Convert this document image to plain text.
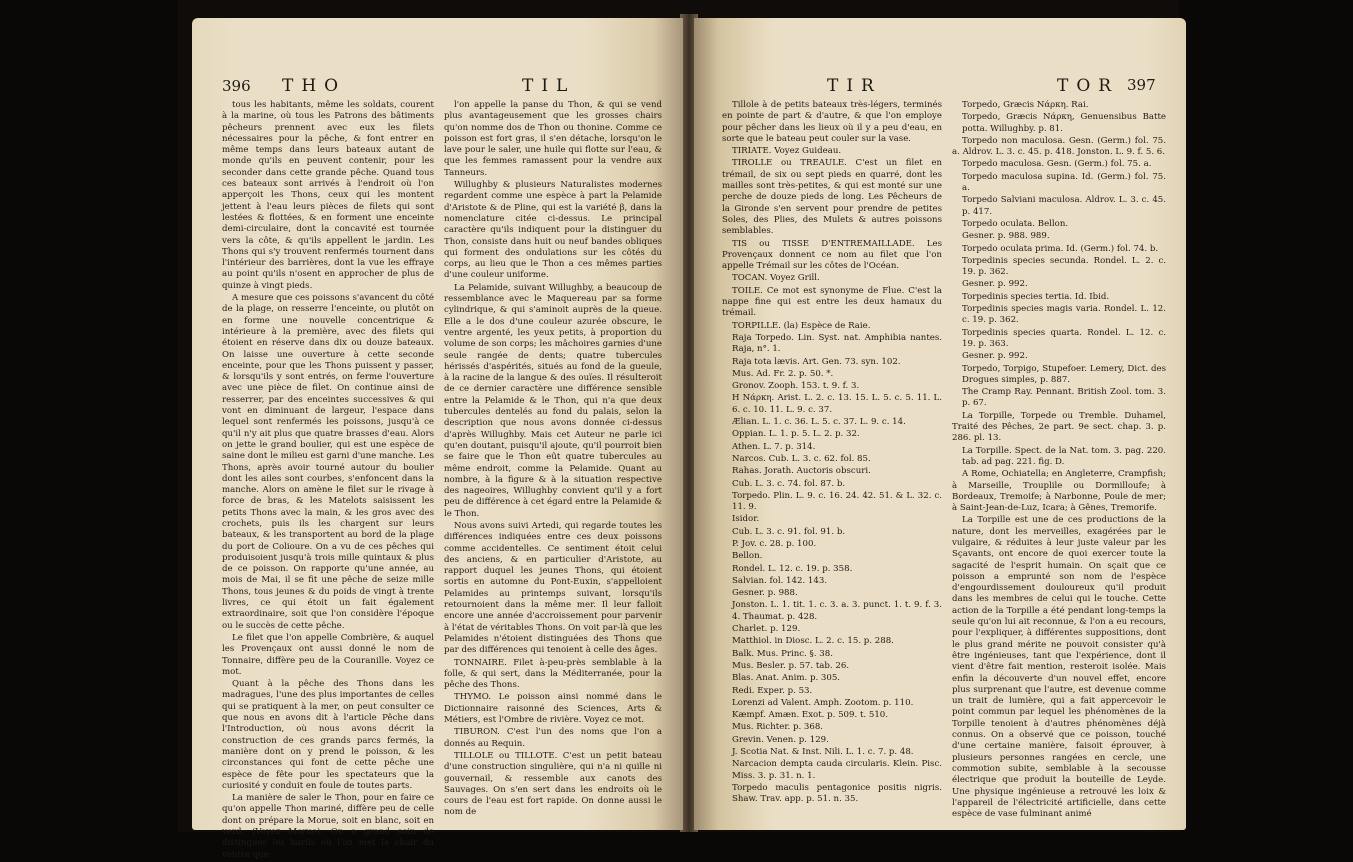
396 THO	TIL

tous les habitants, même les soldats, courent à la marine, où tous les Patrons des bâtiments pêcheurs prennent avec eux les filets nécessaires pour la pêche, & font entrer en même temps dans leurs bateaux autant de monde qu'ils en peuvent contenir, pour les seconder dans cette grande pêche. Quand tous ces bateaux sont arrivés à l'endroit où l'on apperçoit les Thons, ceux qui les montent jettent à l'eau leurs pièces de filets qui sont lestées & flottées, & en forment une enceinte demi-circulaire, dont la concavité est tournée vers la côte, & qu'ils appellent le jardin. Les Thons qui s'y trouvent renfermés tournent dans l'intérieur des barrières, dont la vue les effraye au point qu'ils n'osent en approcher de plus de quinze à vingt pieds.

A mesure que ces poissons s'avancent du côté de la plage, on resserre l'enceinte, ou plutôt on en forme une nouvelle concentrique & intérieure à la première, avec des filets qui étoient en réserve dans dix ou douze bateaux. On laisse une ouverture à cette seconde enceinte, pour que les Thons puissent y passer, & lorsqu'ils y sont entrés, on ferme l'ouverture avec une pièce de filet. On continue ainsi de resserrer, par des enceintes successives & qui vont en diminuant de largeur, l'espace dans lequel sont renfermés les poissons, jusqu'à ce qu'il n'y ait plus que quatre brasses d'eau. Alors on jette le grand boulier, qui est une espèce de saine dont le milieu est garni d'une manche. Les Thons, après avoir tourné autour du boulier dont les ailes sont courbes, s'enfoncent dans la manche. Alors on amène le filet sur le rivage à force de bras, & les Matelots saisissent les petits Thons avec la main, & les gros avec des crochets, puis ils les chargent sur leurs bateaux, & les transportent au bord de la plage du port de Colioure. On a vu de ces pêches qui produisoient jusqu'à trois mille quintaux & plus de ce poisson. On rapporte qu'une année, au mois de Mai, il se fit une pêche de seize mille Thons, tous jeunes & du poids de vingt à trente livres, ce qui étoit un fait également extraordinaire, soit que l'on considère l'époque ou le succès de cette pêche.

Le filet que l'on appelle Combrière, & auquel les Provençaux ont aussi donné le nom de Tonnaire, diffère peu de la Couranille. Voyez ce mot.

Quant à la pêche des Thons dans les madragues, l'une des plus importantes de celles qui se pratiquent à la mer, on peut consulter ce que nous en avons dit à l'article Pêche dans l'Introduction, où nous avons décrit la construction de ces grands parcs fermés, la manière dont on y prend le poisson, & les circonstances qui font de cette pêche une espèce de fête pour les spectateurs que la curiosité y conduit en foule de toutes parts.

La manière de saler le Thon, pour en faire ce qu'on appelle Thon mariné, diffère peu de celle dont on prépare la Morue, soit en blanc, soit en verd. (Voyez Morue). On a grand soin de distinguer les barils où l'on met la chair du ventre que

l'on appelle la panse du Thon, & qui se vend plus avantageusement que les grosses chairs qu'on nomme dos de Thon ou thonine. Comme ce poisson est fort gras, il s'en détache, lorsqu'on le lave pour le saler, une huile qui flotte sur l'eau, & que les femmes ramassent pour la vendre aux Tanneurs.

Willughby & plusieurs Naturalistes modernes regardent comme une espèce à part la Pelamide d'Aristote & de Pline, qui est la variété β, dans la nomenclature citée ci-dessus. Le principal caractère qu'ils indiquent pour la distinguer du Thon, consiste dans huit ou neuf bandes obliques qui forment des ondulations sur les côtés du corps, au lieu que le Thon a ces mêmes parties d'une couleur uniforme.

La Pelamide, suivant Willughby, a beaucoup de ressemblance avec le Maquereau par sa forme cylindrique, & qui s'aminoit auprès de la queue. Elle a le dos d'une couleur azurée obscure, le ventre argenté, les yeux petits, à proportion du volume de son corps; les mâchoires garnies d'une seule rangée de dents; quatre tubercules hérissés d'aspérités, situés au fond de la gueule, à la racine de la langue & des ouïes. Il résulteroit de ce dernier caractère une différence sensible entre la Pelamide & le Thon, qui n'a que deux tubercules dentelés au fond du palais, selon la description que nous avons donnée ci-dessus d'après Willughby. Mais cet Auteur ne parle ici qu'en doutant, puisqu'il ajoute, qu'il pourroit bien se faire que le Thon eût quatre tubercules au même endroit, comme la Pelamide. Quant au nombre, à la figure & à la situation respective des nageoires, Willughby convient qu'il y a fort peu de différence à cet égard entre la Pelamide & le Thon.

Nous avons suivi Artedi, qui regarde toutes les différences indiquées entre ces deux poissons comme accidentelles. Ce sentiment étoit celui des anciens, & en particulier d'Aristote, au rapport duquel les jeunes Thons, qui étoient sortis en automne du Pont-Euxin, s'appelloient Pelamides au printemps suivant, lorsqu'ils retournoient dans la même mer. Il leur falloit encore une année d'accroissement pour parvenir à l'état de véritables Thons. On voit par-là que les Pelamides n'étoient distinguées des Thons que par des différences qui tenoient à celle des âges.

TONNAIRE. Filet à-peu-près semblable à la folle, & qui sert, dans la Méditerranée, pour la pêche des Thons.

THYMO. Le poisson ainsi nommé dans le Dictionnaire raisonné des Sciences, Arts & Métiers, est l'Ombre de rivière. Voyez ce mot.

TIBURON. C'est l'un des noms que l'on a donnés au Requin.

TILLOLE ou TILLOTE. C'est un petit bateau d'une construction singulière, qui n'a ni quille ni gouvernail, & ressemble aux canots des Sauvages. On s'en sert dans les endroits où le cours de l'eau est fort rapide. On donne aussi le nom de

TIR	TOR 397

Tillole à de petits bateaux très-légers, terminés en pointe de part & d'autre, & que l'on employe pour pêcher dans les lieux où il y a peu d'eau, en sorte que le bateau peut couler sur la vase.

TIRIATE. Voyez Guideau.

TIROLLE ou TREAULE. C'est un filet en trémail, de six ou sept pieds en quarré, dont les mailles sont très-petites, & qui est monté sur une perche de douze pieds de long. Les Pêcheurs de la Gironde s'en servent pour prendre de petites Soles, des Plies, des Mulets & autres poissons semblables.

TIS ou TISSE D'ENTREMAILLADE. Les Provençaux donnent ce nom au filet que l'on appelle Trémail sur les côtes de l'Océan.

TOCAN. Voyez Grill.

TOILE. Ce mot est synonyme de Flue. C'est la nappe fine qui est entre les deux hamaux du trémail.

TORPILLE. (la) Espèce de Raie.

Raja Torpedo. Lin. Syst. nat. Amphibia nantes. Raja, n°. 1.

Raja tota lævis. Art. Gen. 73. syn. 102.

Mus. Ad. Fr. 2. p. 50. *.

Gronov. Zooph. 153. t. 9. f. 3.

H Νάρκη. Arist. L. 2. c. 13. 15. L. 5. c. 5. 11. L. 6. c. 10. 11. L. 9. c. 37.

Ælian. L. 1. c. 36. L. 5. c. 37. L. 9. c. 14.

Oppian. L. 1. p. 5. L. 2. p. 32.

Athen. L. 7. p. 314.

Narcos. Cub. L. 3. c. 62. fol. 85.

Rahas. Jorath. Auctoris obscuri.

Cub. L. 3. c. 74. fol. 87. b.

Torpedo. Plin. L. 9. c. 16. 24. 42. 51. & L. 32. c. 11. 9.

Isidor.

Cub. L. 3. c. 91. fol. 91. b.

P. Jov. c. 28. p. 100.

Bellon.

Rondel. L. 12. c. 19. p. 358.

Salvian. fol. 142. 143.

Gesner. p. 988.

Jonston. L. 1. tit. 1. c. 3. a. 3. punct. 1. t. 9. f. 3. 4. Thaumat. p. 428.

Charlet. p. 129.

Matthiol. in Diosc. L. 2. c. 15. p. 288.

Balk. Mus. Princ. §. 38.

Mus. Besler. p. 57. tab. 26.

Blas. Anat. Anim. p. 305.

Redi. Exper. p. 53.

Lorenzi ad Valent. Amph. Zootom. p. 110.

Kæmpf. Amæn. Exot. p. 509. t. 510.

Mus. Richter. p. 368.

Grevin. Venen. p. 129.

J. Scotia Nat. & Inst. Nili. L. 1. c. 7. p. 48.

Narcacion dempta cauda circularis. Klein. Pisc. Miss. 3. p. 31. n. 1.

Torpedo maculis pentagonice positis nigris. Shaw. Trav. app. p. 51. n. 35.

Torpedo, Græcis Νάρκη. Rai.

Torpedo, Græcis Νάρκη, Genuensibus Batte potta. Willughby. p. 81.

Torpedo non maculosa. Gesn. (Germ.) fol. 75. a. Aldrov. L. 3. c. 45. p. 418. Jonston. L. 9. f. 5. 6.

Torpedo maculosa. Gesn. (Germ.) fol. 75. a.

Torpedo maculosa supina. Id. (Germ.) fol. 75. a.

Torpedo Salviani maculosa. Aldrov. L. 3. c. 45. p. 417.

Torpedo oculata. Bellon.

Gesner. p. 988. 989.

Torpedo oculata prima. Id. (Germ.) fol. 74. b.

Torpedinis species secunda. Rondel. L. 2. c. 19. p. 362.

Gesner. p. 992.

Torpedinis species tertia. Id. Ibid.

Torpedinis species magis varia. Rondel. L. 12. c. 19. p. 362.

Torpedinis species quarta. Rondel. L. 12. c. 19. p. 363.

Gesner. p. 992.

Torpedo, Torpigo, Stupefoer. Lemery, Dict. des Drogues simples, p. 887.

The Cramp Ray. Pennant. British Zool. tom. 3. p. 67.

La Torpille, Torpede ou Tremble. Duhamel, Traité des Pêches, 2e part. 9e sect. chap. 3. p. 286. pl. 13.

La Torpille. Spect. de la Nat. tom. 3. pag. 220. tab. ad pag. 221. fig. D.

A Rome, Ochiatella; en Angleterre, Crampfish; à Marseille, Trouplile ou Dormilloufe; à Bordeaux, Tremoife; à Narbonne, Poule de mer; à Saint-Jean-de-Luz, Icara; à Gênes, Tremorife.

La Torpille est une de ces productions de la nature, dont les merveilles, exagérées par le vulgaire, & réduites à leur juste valeur par les Sçavants, ont encore de quoi exercer toute la sagacité de l'esprit humain. On sçait que ce poisson a emprunté son nom de l'espèce d'engourdissement douloureux qu'il produit dans les membres de celui qui le touche. Cette action de la Torpille a été pendant long-temps la seule qu'on lui ait reconnue, & l'on a eu recours, pour l'expliquer, à différentes suppositions, dont le plus grand mérite ne pouvoit consister qu'à être ingénieuses, tant que l'expérience, dont il vient d'être fait mention, resteroit isolée. Mais enfin la découverte d'un nouvel effet, encore plus surprenant que l'autre, est devenue comme un trait de lumière, qui a fait appercevoir le point commun par lequel les phénomènes de la Torpille tenoient à d'autres phénomènes déjà connus. On a observé que ce poisson, touché d'une certaine manière, faisoit éprouver, à plusieurs personnes rangées en cercle, une commotion subite, semblable à la secousse électrique que produit la bouteille de Leyde. Une physique ingénieuse a retrouvé les loix & l'appareil de l'électricité artificielle, dans cette espèce de vase fulminant animé
